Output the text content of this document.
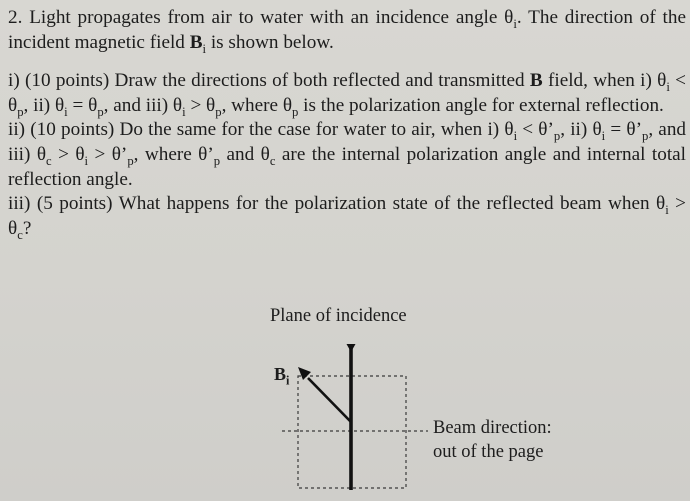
2. Light propagates from air to water with an incidence angle $\theta_i$. The direction of the incident magnetic field $B_i$ is shown below.

i) (10 points) Draw the directions of both reflected and transmitted B field, when i) $\theta_i < \theta_p$, ii) $\theta_i = \theta_p$, and iii) $\theta_i > \theta_p$, where $\theta_p$ is the polarization angle for external reflection.

ii) (10 points) Do the same for the case for water to air, when i) $\theta_i$ < $\theta’_p$, ii) $\theta_i$ = $\theta’_p$, and iii) $\theta_c > \theta_i$ > $\theta’_p$, where $\theta’_p$ and $\theta_c$ are the internal polarization angle and internal total reflection angle.

iii) (5 points) What happens for the polarization state of the reflected beam when $\theta_i > \theta_c$?

Plane of incidence
$B_i$
Beam direction:
out of the page
